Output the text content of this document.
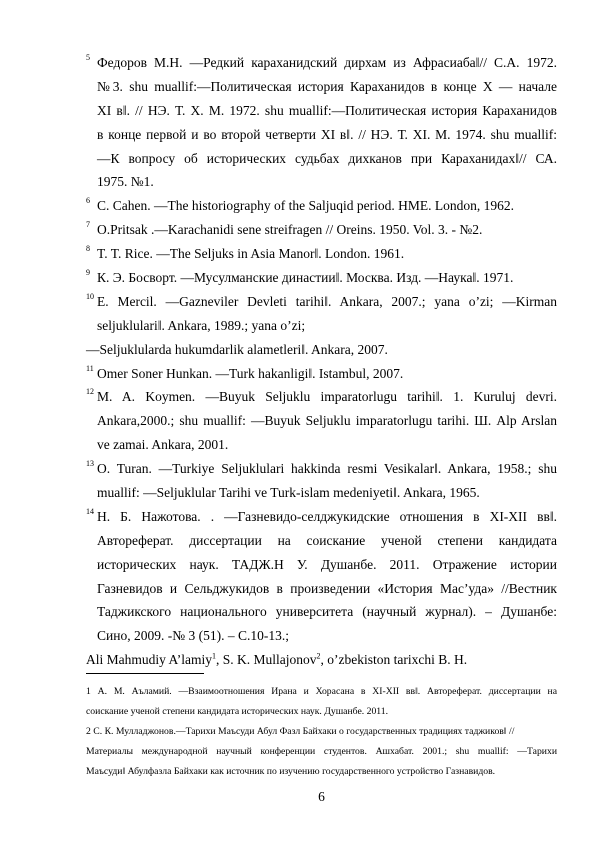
5 Федоров М.Н. ―Редкий караханидский дирхам из Афрасиаба‖// С.А. 1972.
№3. shu muallif:―Политическая история Караханидов в конце X ― начале
XI в‖. // НЭ. Т. X. М. 1972. shu muallif:―Политическая история Караханидов
в конце первой и во второй четверти XI в‖. // НЭ. Т. XI. М. 1974. shu muallif:
―К вопросу об исторических судьбах дихканов при Караханидах‖// СА.
1975. №1.
6 C. Cahen. ―The historiography of the Saljuqid period. HME. London, 1962.
7 O.Pritsak .―Karachanidi sene streifragen // Oreins. 1950. Vol. 3. - №2.
8 T. T. Rice. ―The Seljuks in Asia Manor‖. London. 1961.
9 К. Э. Босворт. ―Мусулманские династии‖. Москва. Изд. ―Наука‖. 1971.
10 E. Mercil. ―Gazneviler Devleti tarihi‖. Ankara, 2007.; yana o’zi; ―Kirman
seljuklulari‖. Ankara, 1989.; yana o’zi;
―Seljuklularda hukumdarlik alametleri‖. Ankara, 2007.
11 Omer Soner Hunkan. ―Turk hakanligi‖. Istambul, 2007.
12 M. A. Koymen. ―Buyuk Seljuklu imparatorlugu tarihi‖. 1. Kuruluj devri.
Ankara,2000.; shu muallif: ―Buyuk Seljuklu imparatorlugu tarihi. Ш. Alp Arslan
ve zamai. Ankara, 2001.
13 O. Turan. ―Turkiye Seljuklulari hakkinda resmi Vesikalar‖. Ankara, 1958.; shu
muallif: ―Seljuklular Tarihi ve Turk-islam medeniyeti‖. Ankara, 1965.
14 Н. Б. Нажотова. . ―Газневидо-селджукидские отношения в XI-XII вв‖.
Автореферат. диссертации на соискание ученой степени кандидата
исторических наук. ТАДЖ.Н У. Душанбе. 2011. Отражение истории
Газневидов и Сельджукидов в произведении «История Мас’уда» //Вестник
Таджикского национального университета (научный журнал). – Душанбе:
Сино, 2009. -№ 3 (51). – С.10-13.;
Ali Mahmudiy A’lamiy$^1$, S. K. Mullajonov$^2$, o’zbekiston tarixchi B. H.
1 А. М. Аъламий. ―Взаимоотношения Ирана и Хорасана в XI-XII вв‖. Автореферат. диссертации на
соискание ученой степени кандидата исторических наук. Душанбе. 2011.
2 С. К. Мулладжонов.―Тарихи Маъсуди Абул Фазл Байхаки о государственных традициях таджиков‖ //
Материалы международной научный конференции студентов. Ашхабат. 2001.; shu muallif: ―Тарихи
Маъсуди‖ Абулфазла Байхаки как источник по изучению государственного устройство Газнавидов.
6
